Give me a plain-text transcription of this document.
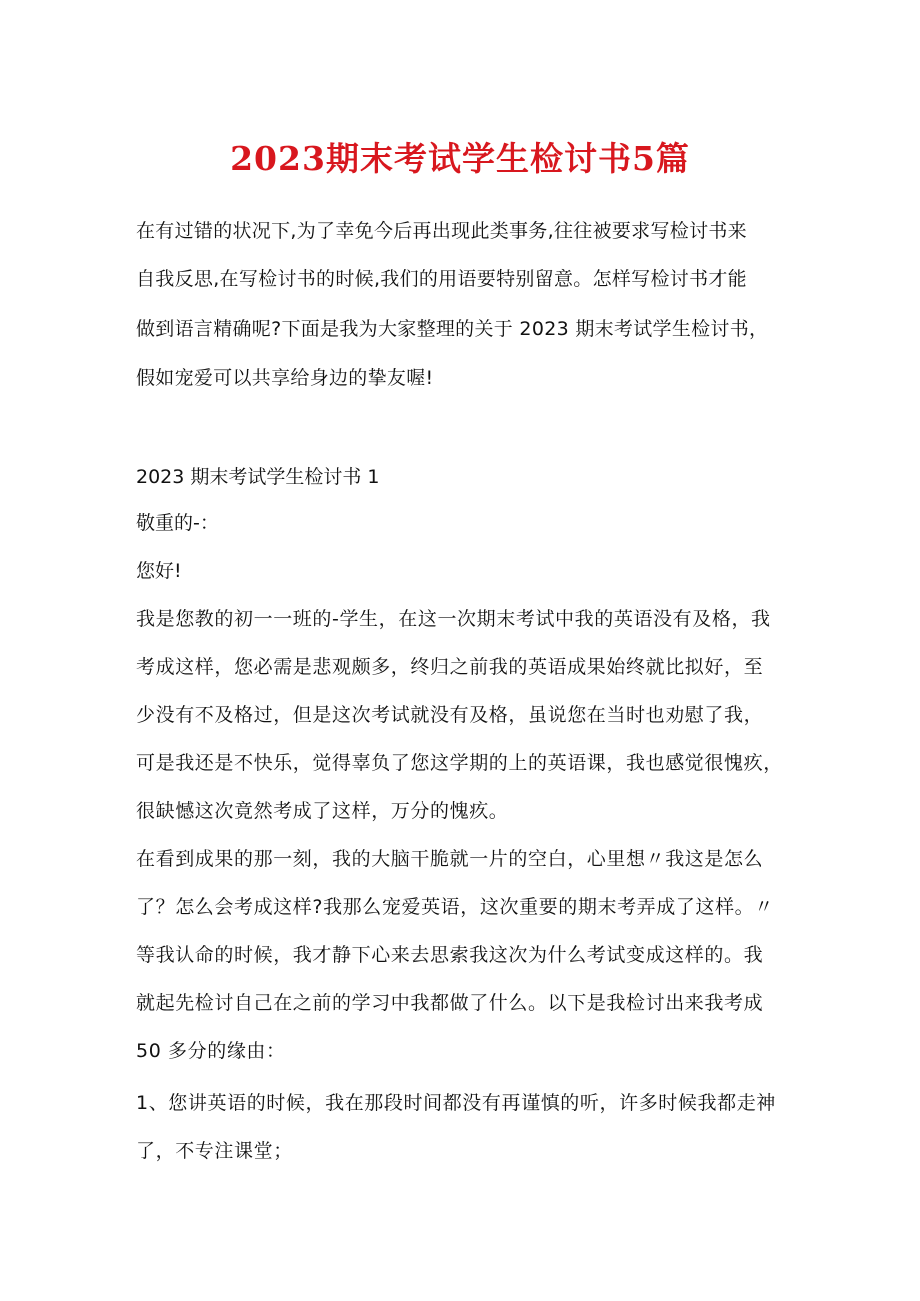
2023期末考试学生检讨书5篇
在有过错的状况下,为了幸免今后再出现此类事务,往往被要求写检讨书来
自我反思,在写检讨书的时候,我们的用语要特别留意。怎样写检讨书才能
做到语言精确呢?下面是我为大家整理的关于 2023 期末考试学生检讨书，
假如宠爱可以共享给身边的挚友喔!
2023 期末考试学生检讨书 1
敬重的-：
您好!
我是您教的初一一班的-学生，在这一次期末考试中我的英语没有及格，我
考成这样，您必需是悲观颇多，终归之前我的英语成果始终就比拟好，至
少没有不及格过，但是这次考试就没有及格，虽说您在当时也劝慰了我，
可是我还是不快乐，觉得辜负了您这学期的上的英语课，我也感觉很愧疚，
很缺憾这次竟然考成了这样，万分的愧疚。
在看到成果的那一刻，我的大脑干脆就一片的空白，心里想〃我这是怎么
了？怎么会考成这样?我那么宠爱英语，这次重要的期末考弄成了这样。〃
等我认命的时候，我才静下心来去思索我这次为什么考试变成这样的。我
就起先检讨自己在之前的学习中我都做了什么。以下是我检讨出来我考成
50 多分的缘由：
1、您讲英语的时候，我在那段时间都没有再谨慎的听，许多时候我都走神
了，不专注课堂；
